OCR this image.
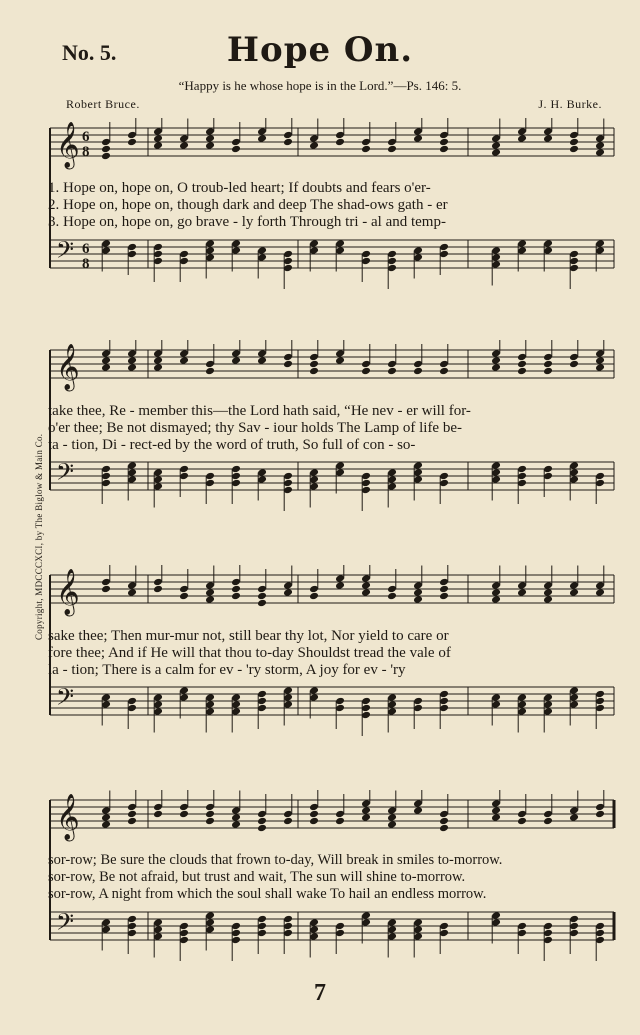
No. 5.	Hope On.
“Happy is he whose hope is in the Lord.”—Ps. 146: 5.
Robert Bruce.	J. H. Burke.
Copyright, MDCCCXCI, by The Biglow & Main Co.
𝄞 6
8
𝄢 6
8
1. Hope on, hope on, O troub-led heart; If doubts and fears o'er-
2. Hope on, hope on, though dark and deep The shad-ows gath - er
3. Hope on, hope on, go brave - ly forth Through tri - al and temp-
𝄞
𝄢
take thee, Re - member this—the Lord hath said, “He nev - er will for-
o'er thee; Be not dismayed; thy Sav - iour holds The Lamp of life be-
ta - tion, Di - rect-ed by the word of truth, So full of con - so-
𝄞
𝄢
sake thee; Then mur-mur not, still bear thy lot, Nor yield to care or
fore thee; And if He will that thou to-day Shouldst tread the vale of
la - tion; There is a calm for ev - 'ry storm, A joy for ev - 'ry
𝄞
𝄢
sor-row; Be sure the clouds that frown to-day, Will break in smiles to-morrow.
sor-row, Be not afraid, but trust and wait, The sun will shine to-morrow.
sor-row, A night from which the soul shall wake To hail an endless morrow.
7
